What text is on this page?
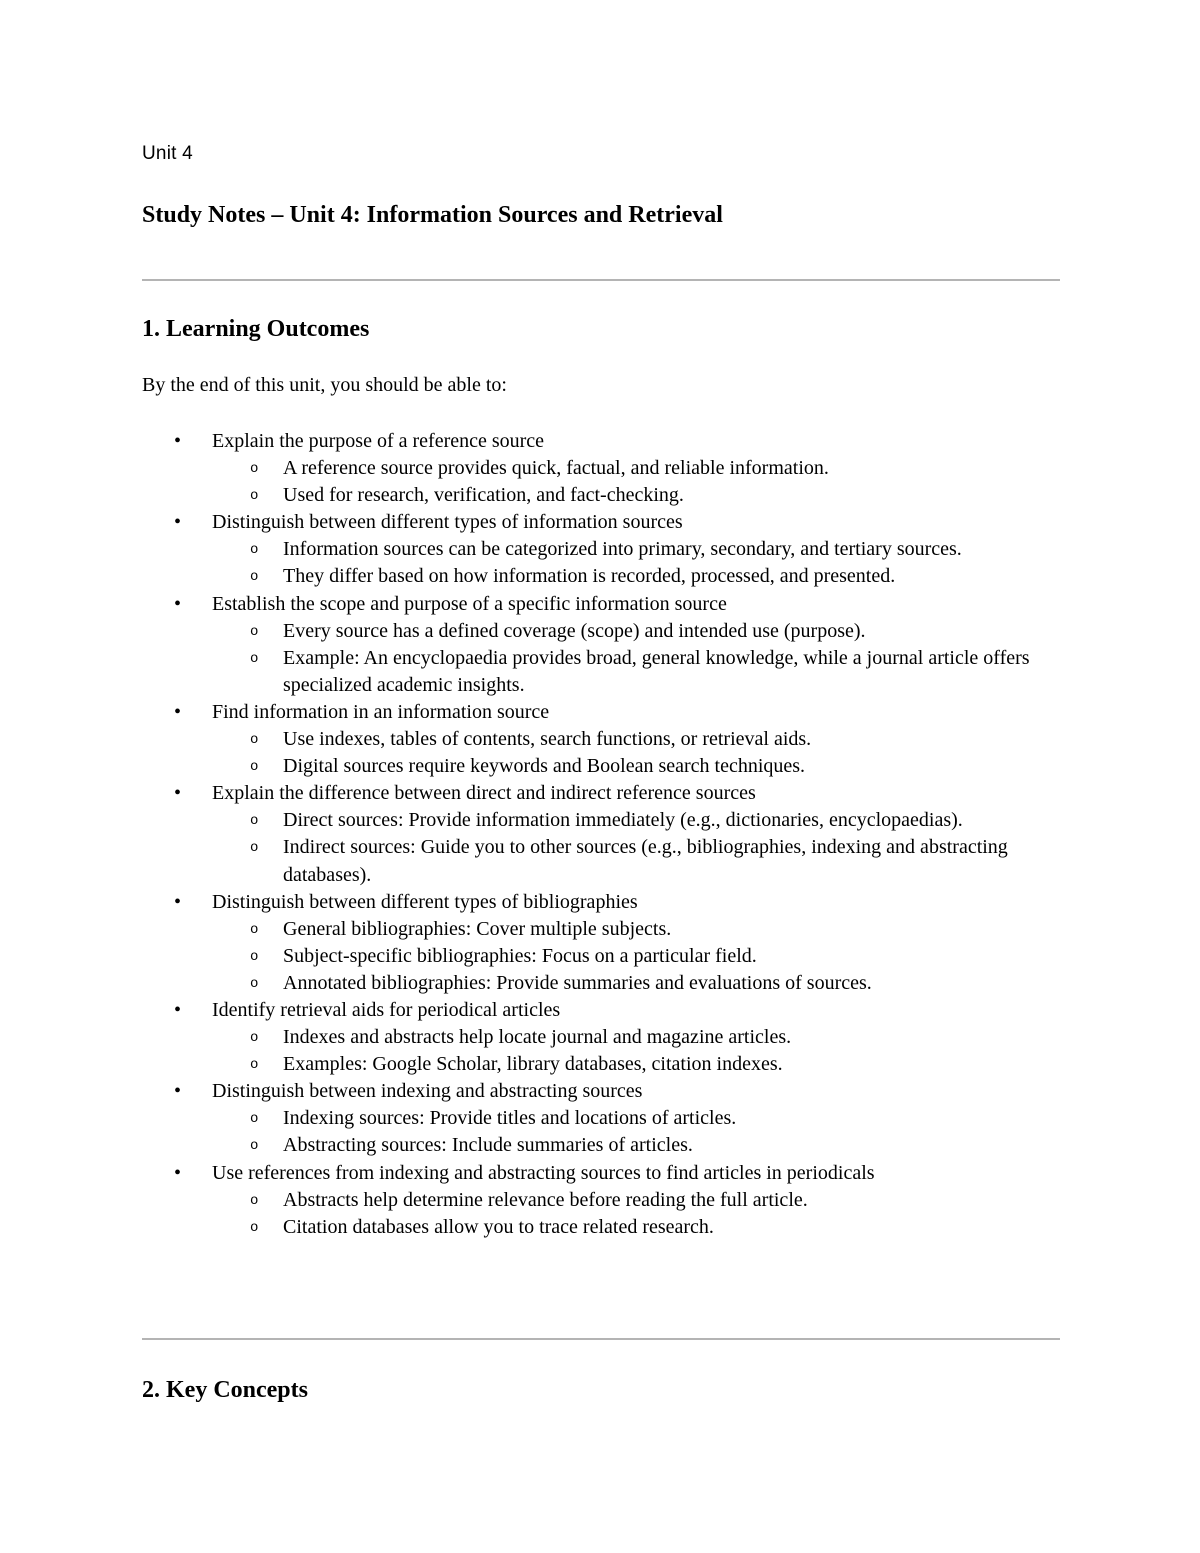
Unit 4
Study Notes – Unit 4: Information Sources and Retrieval
1. Learning Outcomes

By the end of this unit, you should be able to:

• Explain the purpose of a reference source
o A reference source provides quick, factual, and reliable information.
o Used for research, verification, and fact-checking.
• Distinguish between different types of information sources
o Information sources can be categorized into primary, secondary, and tertiary sources.
o They differ based on how information is recorded, processed, and presented.
• Establish the scope and purpose of a specific information source
o Every source has a defined coverage (scope) and intended use (purpose).
o Example: An encyclopaedia provides broad, general knowledge, while a journal article offers specialized academic insights.
• Find information in an information source
o Use indexes, tables of contents, search functions, or retrieval aids.
o Digital sources require keywords and Boolean search techniques.
• Explain the difference between direct and indirect reference sources
o Direct sources: Provide information immediately (e.g., dictionaries, encyclopaedias).
o Indirect sources: Guide you to other sources (e.g., bibliographies, indexing and abstracting databases).
• Distinguish between different types of bibliographies
o General bibliographies: Cover multiple subjects.
o Subject-specific bibliographies: Focus on a particular field.
o Annotated bibliographies: Provide summaries and evaluations of sources.
• Identify retrieval aids for periodical articles
o Indexes and abstracts help locate journal and magazine articles.
o Examples: Google Scholar, library databases, citation indexes.
• Distinguish between indexing and abstracting sources
o Indexing sources: Provide titles and locations of articles.
o Abstracting sources: Include summaries of articles.
• Use references from indexing and abstracting sources to find articles in periodicals
o Abstracts help determine relevance before reading the full article.
o Citation databases allow you to trace related research.
2. Key Concepts
